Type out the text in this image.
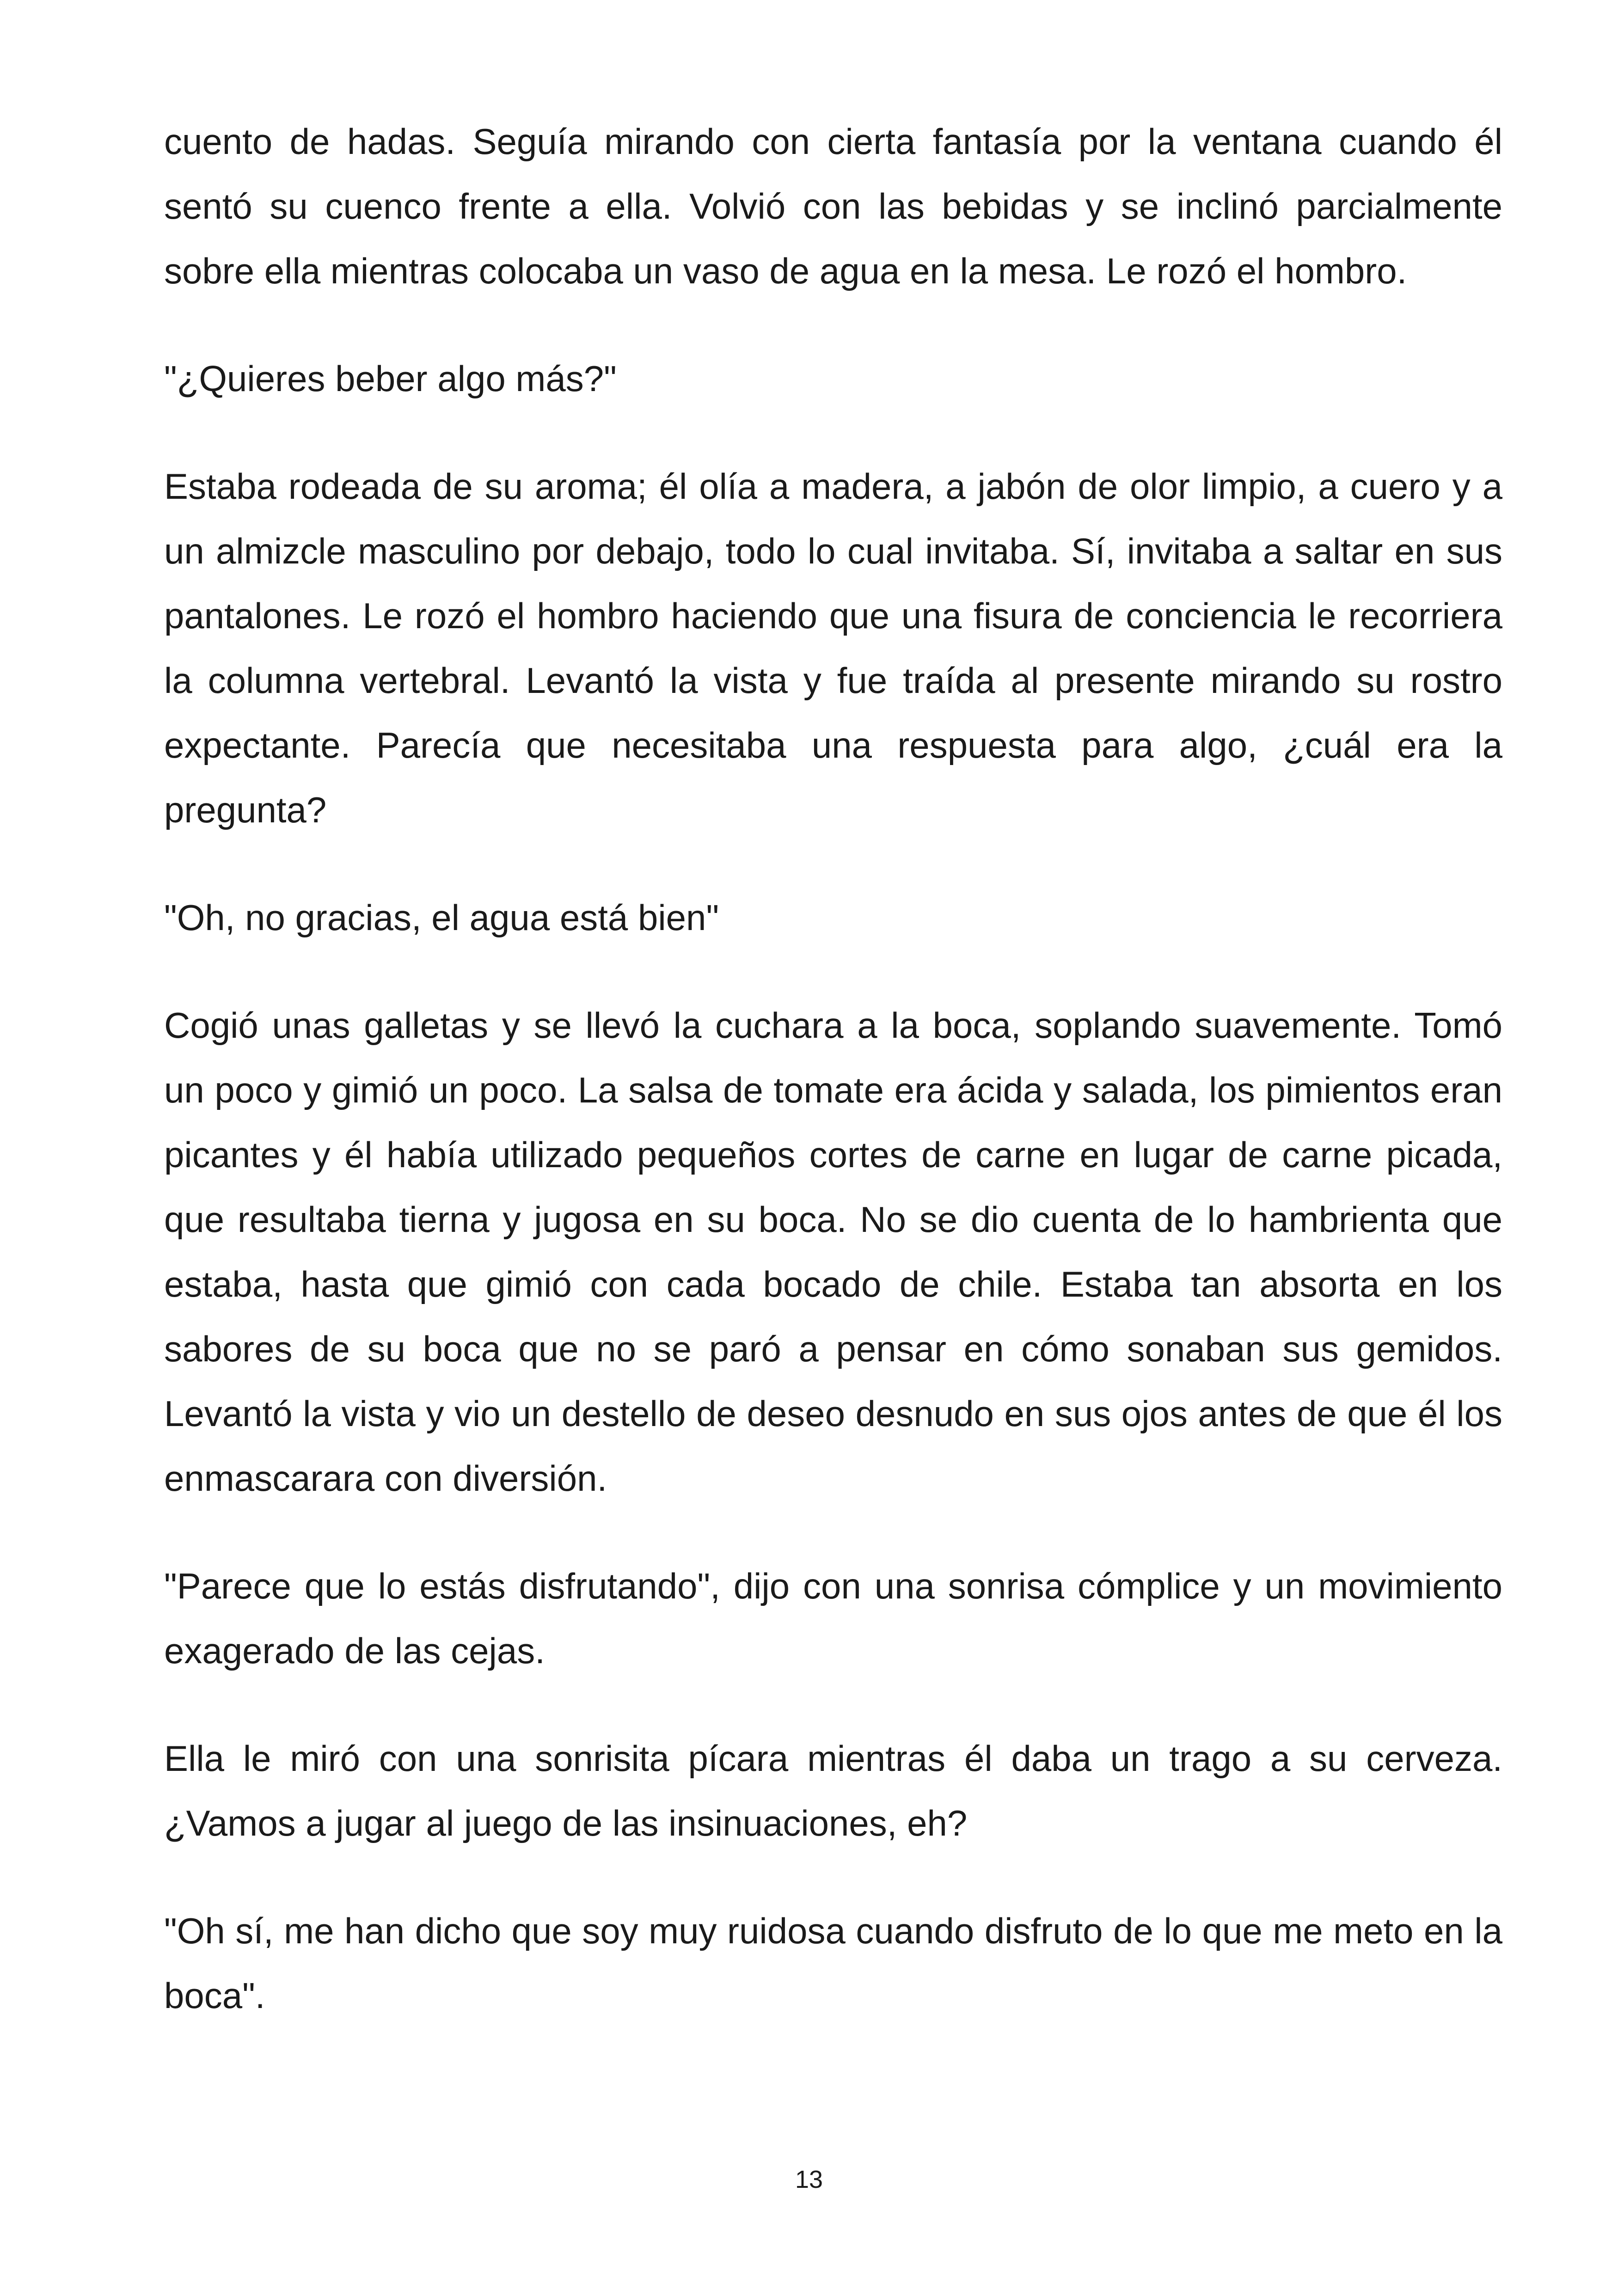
cuento de hadas. Seguía mirando con cierta fantasía por la ventana cuando él sentó su cuenco frente a ella. Volvió con las bebidas y se inclinó parcialmente sobre ella mientras colocaba un vaso de agua en la mesa. Le rozó el hombro.

"¿Quieres beber algo más?"

Estaba rodeada de su aroma; él olía a madera, a jabón de olor limpio, a cuero y a un almizcle masculino por debajo, todo lo cual invitaba. Sí, invitaba a saltar en sus pantalones. Le rozó el hombro haciendo que una fisura de conciencia le recorriera la columna vertebral. Levantó la vista y fue traída al presente mirando su rostro expectante. Parecía que necesitaba una respuesta para algo, ¿cuál era la pregunta?

"Oh, no gracias, el agua está bien"

Cogió unas galletas y se llevó la cuchara a la boca, soplando suavemente. Tomó un poco y gimió un poco. La salsa de tomate era ácida y salada, los pimientos eran picantes y él había utilizado pequeños cortes de carne en lugar de carne picada, que resultaba tierna y jugosa en su boca. No se dio cuenta de lo hambrienta que estaba, hasta que gimió con cada bocado de chile. Estaba tan absorta en los sabores de su boca que no se paró a pensar en cómo sonaban sus gemidos. Levantó la vista y vio un destello de deseo desnudo en sus ojos antes de que él los enmascarara con diversión.

"Parece que lo estás disfrutando", dijo con una sonrisa cómplice y un movimiento exagerado de las cejas.

Ella le miró con una sonrisita pícara mientras él daba un trago a su cerveza. ¿Vamos a jugar al juego de las insinuaciones, eh?

"Oh sí, me han dicho que soy muy ruidosa cuando disfruto de lo que me meto en la boca".

13
